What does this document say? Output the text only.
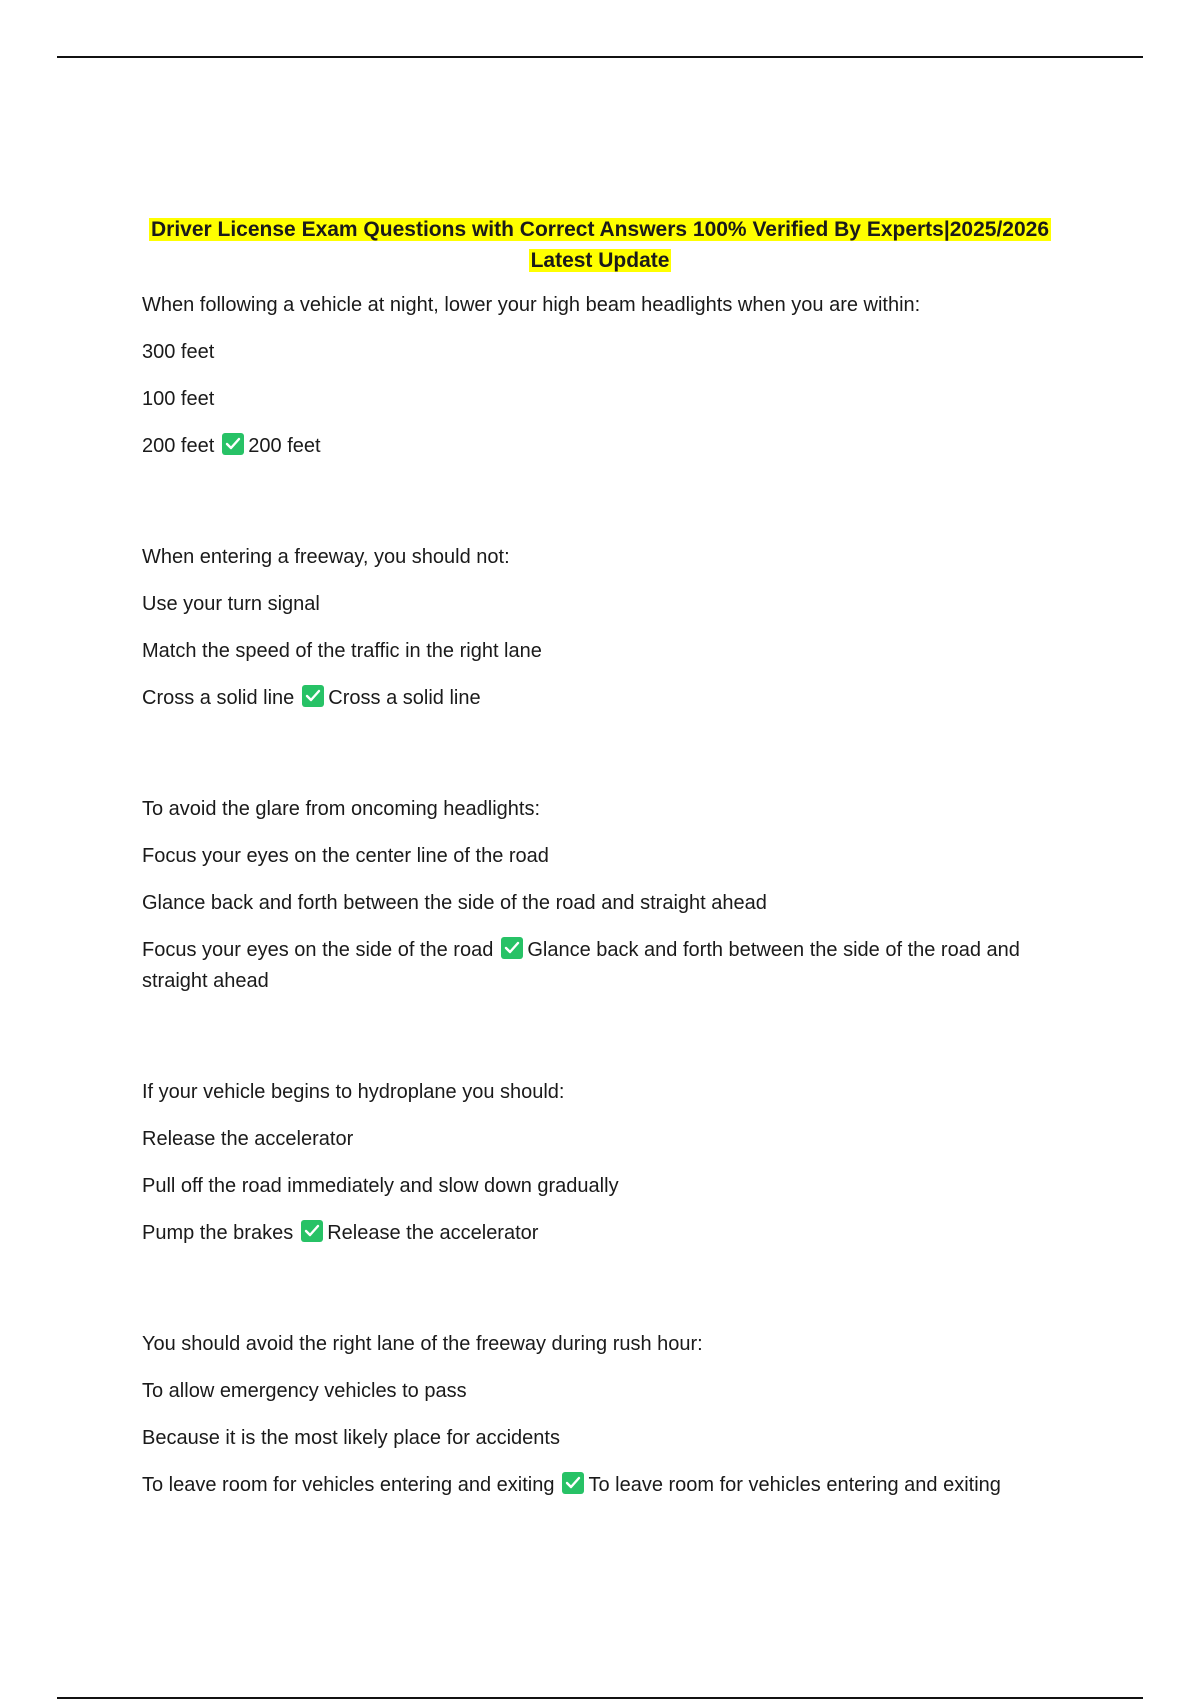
Driver License Exam Questions with Correct Answers 100% Verified By Experts|2025/2026
Latest Update
When following a vehicle at night, lower your high beam headlights when you are within:
300 feet
100 feet
200 feet 200 feet
When entering a freeway, you should not:
Use your turn signal
Match the speed of the traffic in the right lane
Cross a solid line Cross a solid line
To avoid the glare from oncoming headlights:
Focus your eyes on the center line of the road
Glance back and forth between the side of the road and straight ahead
Focus your eyes on the side of the road Glance back and forth between the side of the road and straight ahead
If your vehicle begins to hydroplane you should:
Release the accelerator
Pull off the road immediately and slow down gradually
Pump the brakes Release the accelerator
You should avoid the right lane of the freeway during rush hour:
To allow emergency vehicles to pass
Because it is the most likely place for accidents
To leave room for vehicles entering and exiting To leave room for vehicles entering and exiting
